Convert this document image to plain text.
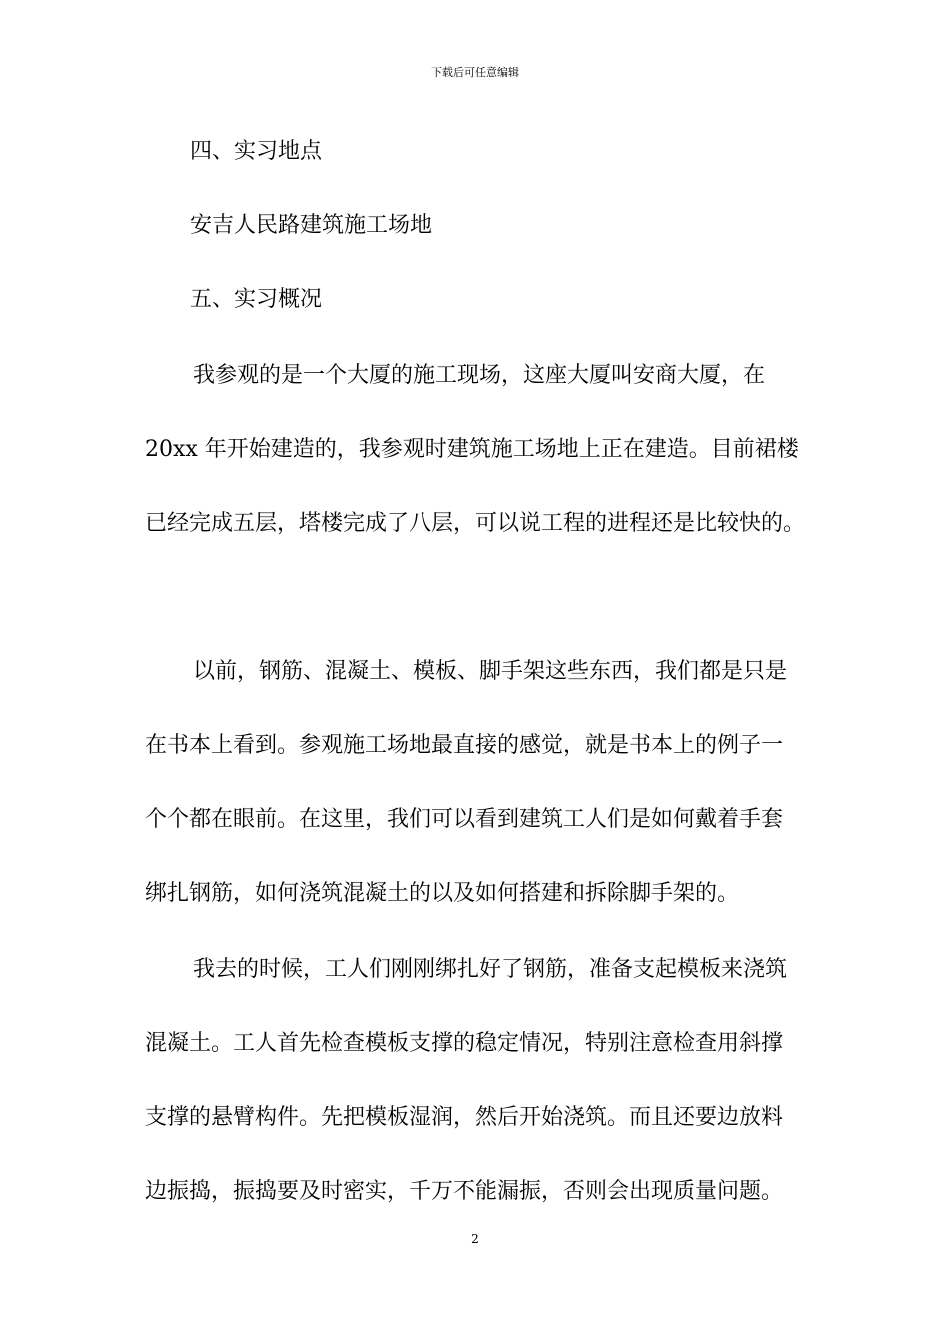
下载后可任意编辑
四、实习地点
安吉人民路建筑施工场地
五、实习概况
我参观的是一个大厦的施工现场，这座大厦叫安商大厦，在
20xx 年开始建造的，我参观时建筑施工场地上正在建造。目前裙楼
已经完成五层，塔楼完成了八层，可以说工程的进程还是比较快的。
以前，钢筋、混凝土、模板、脚手架这些东西，我们都是只是
在书本上看到。参观施工场地最直接的感觉，就是书本上的例子一
个个都在眼前。在这里，我们可以看到建筑工人们是如何戴着手套
绑扎钢筋，如何浇筑混凝土的以及如何搭建和拆除脚手架的。
我去的时候，工人们刚刚绑扎好了钢筋，准备支起模板来浇筑
混凝土。工人首先检查模板支撑的稳定情况，特别注意检查用斜撑
支撑的悬臂构件。先把模板湿润，然后开始浇筑。而且还要边放料
边振捣，振捣要及时密实，千万不能漏振，否则会出现质量问题。
2
